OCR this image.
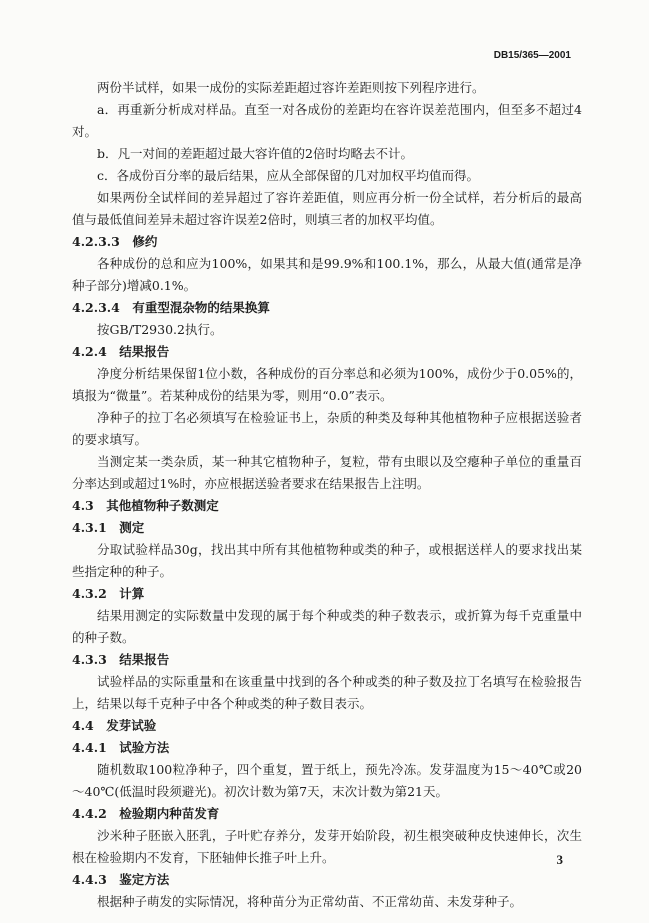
DB15/365—2001

两份半试样，如果一成份的实际差距超过容许差距则按下列程序进行。

a．再重新分析成对样品。直至一对各成份的差距均在容许误差范围内，但至多不超过4对。

b．凡一对间的差距超过最大容许值的2倍时均略去不计。

c．各成份百分率的最后结果，应从全部保留的几对加权平均值而得。

如果两份全试样间的差异超过了容许差距值，则应再分析一份全试样，若分析后的最高值与最低值间差异未超过容许误差2倍时，则填三者的加权平均值。

4.2.3.3　修约

各种成份的总和应为100%，如果其和是99.9%和100.1%，那么，从最大值(通常是净种子部分)增减0.1%。

4.2.3.4　有重型混杂物的结果换算

按GB/T2930.2执行。

4.2.4　结果报告

净度分析结果保留1位小数，各种成份的百分率总和必须为100%，成份少于0.05%的，填报为“微量”。若某种成份的结果为零，则用“0.0”表示。

净种子的拉丁名必须填写在检验证书上，杂质的种类及每种其他植物种子应根据送验者的要求填写。

当测定某一类杂质，某一种其它植物种子，复粒，带有虫眼以及空瘪种子单位的重量百分率达到或超过1%时，亦应根据送验者要求在结果报告上注明。

4.3　其他植物种子数测定
4.3.1　测定

分取试验样品30g，找出其中所有其他植物种或类的种子，或根据送样人的要求找出某些指定种的种子。

4.3.2　计算

结果用测定的实际数量中发现的属于每个种或类的种子数表示，或折算为每千克重量中的种子数。

4.3.3　结果报告

试验样品的实际重量和在该重量中找到的各个种或类的种子数及拉丁名填写在检验报告上，结果以每千克种子中各个种或类的种子数目表示。

4.4　发芽试验
4.4.1　试验方法

随机数取100粒净种子，四个重复，置于纸上，预先冷冻。发芽温度为15～40℃或20～40℃(低温时段须避光)。初次计数为第7天，末次计数为第21天。

4.4.2　检验期内种苗发育

沙米种子胚嵌入胚乳，子叶贮存养分，发芽开始阶段，初生根突破种皮快速伸长，次生根在检验期内不发育，下胚轴伸长推子叶上升。

4.4.3　鉴定方法

根据种子萌发的实际情况，将种苗分为正常幼苗、不正常幼苗、未发芽种子。

3
